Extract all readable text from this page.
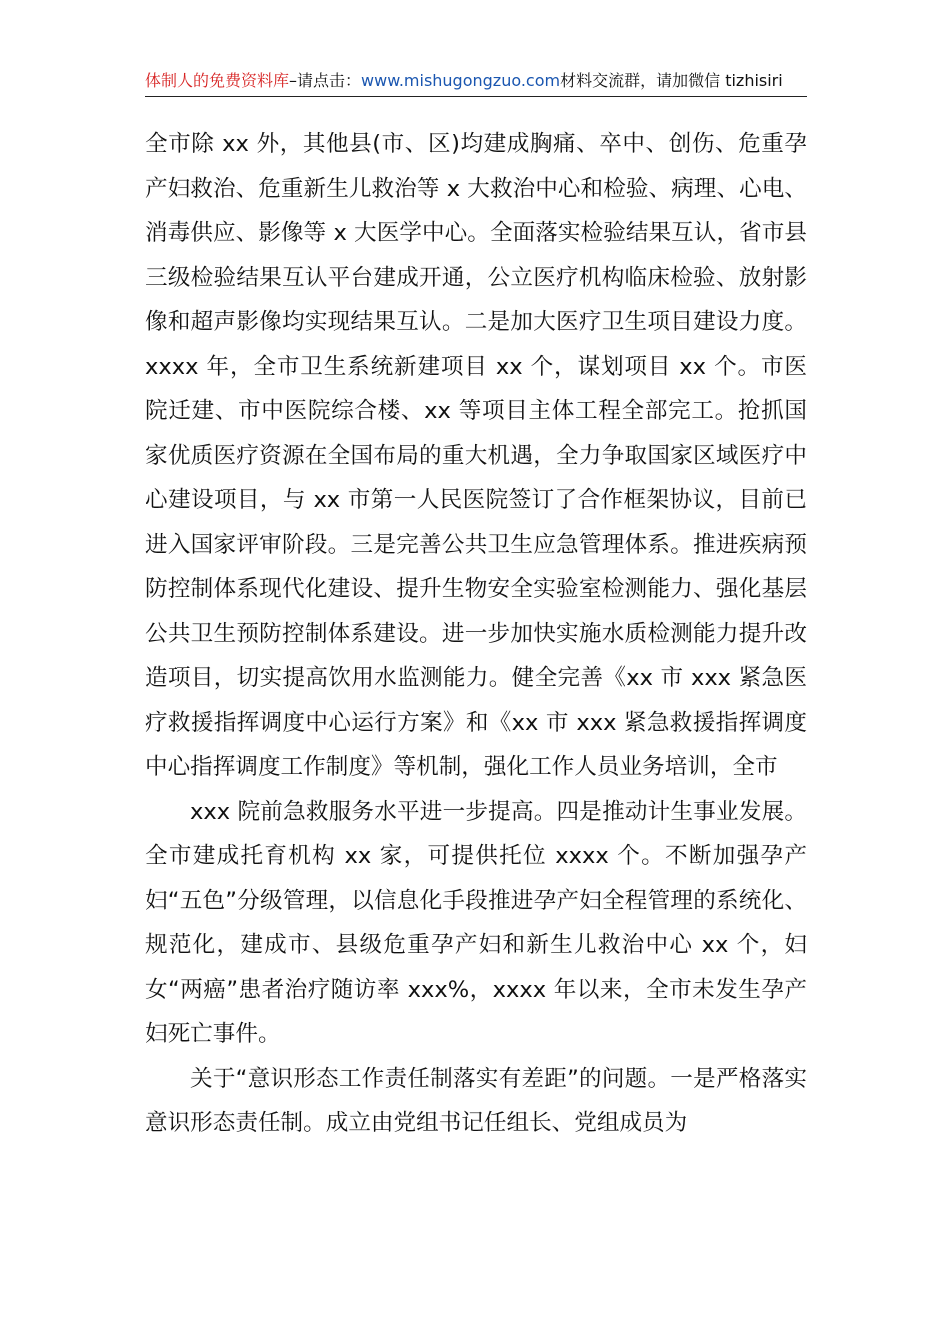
体制人的免费资料库–请点击：www.mishugongzuo.com材料交流群，请加微信 tizhisiri

全市除 xx 外，其他县(市、区)均建成胸痛、卒中、创伤、危重孕产妇救治、危重新生儿救治等 x 大救治中心和检验、病理、心电、消毒供应、影像等 x 大医学中心。全面落实检验结果互认，省市县三级检验结果互认平台建成开通，公立医疗机构临床检验、放射影像和超声影像均实现结果互认。二是加大医疗卫生项目建设力度。xxxx 年，全市卫生系统新建项目 xx 个，谋划项目 xx 个。市医院迁建、市中医院综合楼、xx 等项目主体工程全部完工。抢抓国家优质医疗资源在全国布局的重大机遇，全力争取国家区域医疗中心建设项目，与 xx 市第一人民医院签订了合作框架协议，目前已进入国家评审阶段。三是完善公共卫生应急管理体系。推进疾病预防控制体系现代化建设、提升生物安全实验室检测能力、强化基层公共卫生预防控制体系建设。进一步加快实施水质检测能力提升改造项目，切实提高饮用水监测能力。健全完善《xx 市 xxx 紧急医疗救援指挥调度中心运行方案》和《xx 市 xxx 紧急救援指挥调度中心指挥调度工作制度》等机制，强化工作人员业务培训，全市

xxx 院前急救服务水平进一步提高。四是推动计生事业发展。全市建成托育机构 xx 家，可提供托位 xxxx 个。不断加强孕产妇“五色”分级管理，以信息化手段推进孕产妇全程管理的系统化、规范化，建成市、县级危重孕产妇和新生儿救治中心 xx 个，妇女“两癌”患者治疗随访率 xxx%，xxxx 年以来，全市未发生孕产妇死亡事件。

关于“意识形态工作责任制落实有差距”的问题。一是严格落实意识形态责任制。成立由党组书记任组长、党组成员为
